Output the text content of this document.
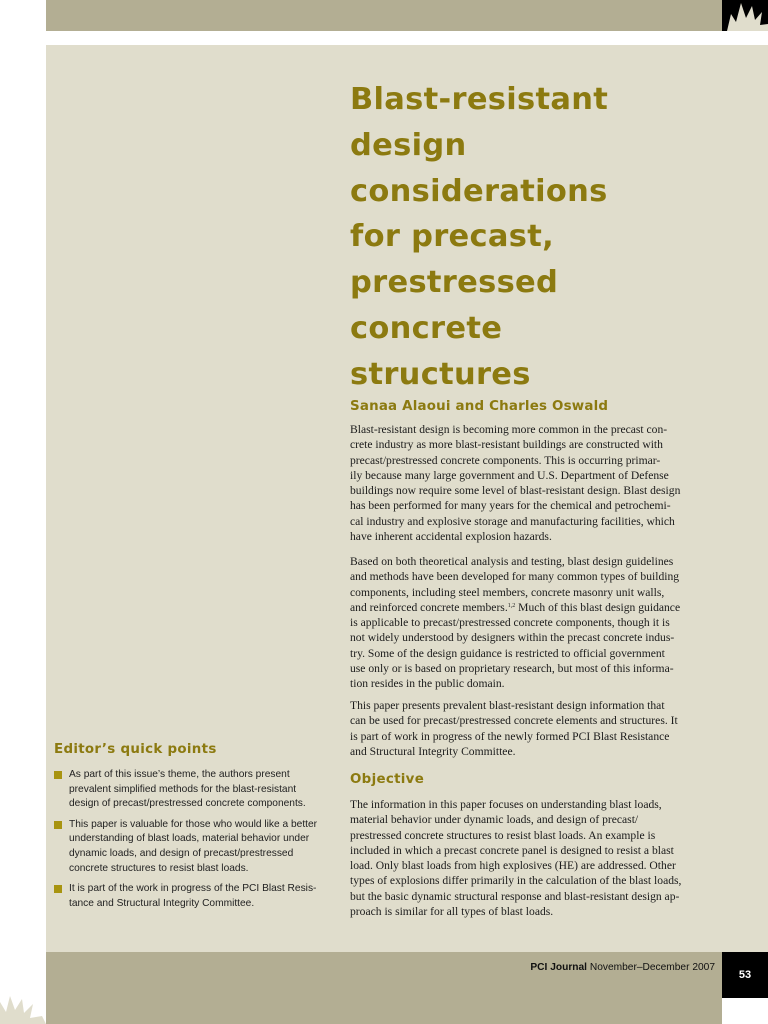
53
Blast-resistant
design
considerations
for precast,
prestressed
concrete
structures
Sanaa Alaoui and Charles Oswald
Blast-resistant design is becoming more common in the precast con-
crete industry as more blast-resistant buildings are constructed with
precast/prestressed concrete components. This is occurring primar-
ily because many large government and U.S. Department of Defense
buildings now require some level of blast-resistant design. Blast design
has been performed for many years for the chemical and petrochemi-
cal industry and explosive storage and manufacturing facilities, which
have inherent accidental explosion hazards.
Based on both theoretical analysis and testing, blast design guidelines
and methods have been developed for many common types of building
components, including steel members, concrete masonry unit walls,
and reinforced concrete members.$^{1,2}$ Much of this blast design guidance
is applicable to precast/prestressed concrete components, though it is
not widely understood by designers within the precast concrete indus-
try. Some of the design guidance is restricted to official government
use only or is based on proprietary research, but most of this informa-
tion resides in the public domain.
This paper presents prevalent blast-resistant design information that
can be used for precast/prestressed concrete elements and structures. It
is part of work in progress of the newly formed PCI Blast Resistance
and Structural Integrity Committee.
Objective
The information in this paper focuses on understanding blast loads,
material behavior under dynamic loads, and design of precast/
prestressed concrete structures to resist blast loads. An example is
included in which a precast concrete panel is designed to resist a blast
load. Only blast loads from high explosives (HE) are addressed. Other
types of explosions differ primarily in the calculation of the blast loads,
but the basic dynamic structural response and blast-resistant design ap-
proach is similar for all types of blast loads.
Editor’s quick points
As part of this issue’s theme, the authors present
prevalent simplified methods for the blast-resistant
design of precast/prestressed concrete components.
This paper is valuable for those who would like a better
understanding of blast loads, material behavior under
dynamic loads, and design of precast/prestressed
concrete structures to resist blast loads.
It is part of the work in progress of the PCI Blast Resis-
tance and Structural Integrity Committee.
PCI Journal November–December 2007
